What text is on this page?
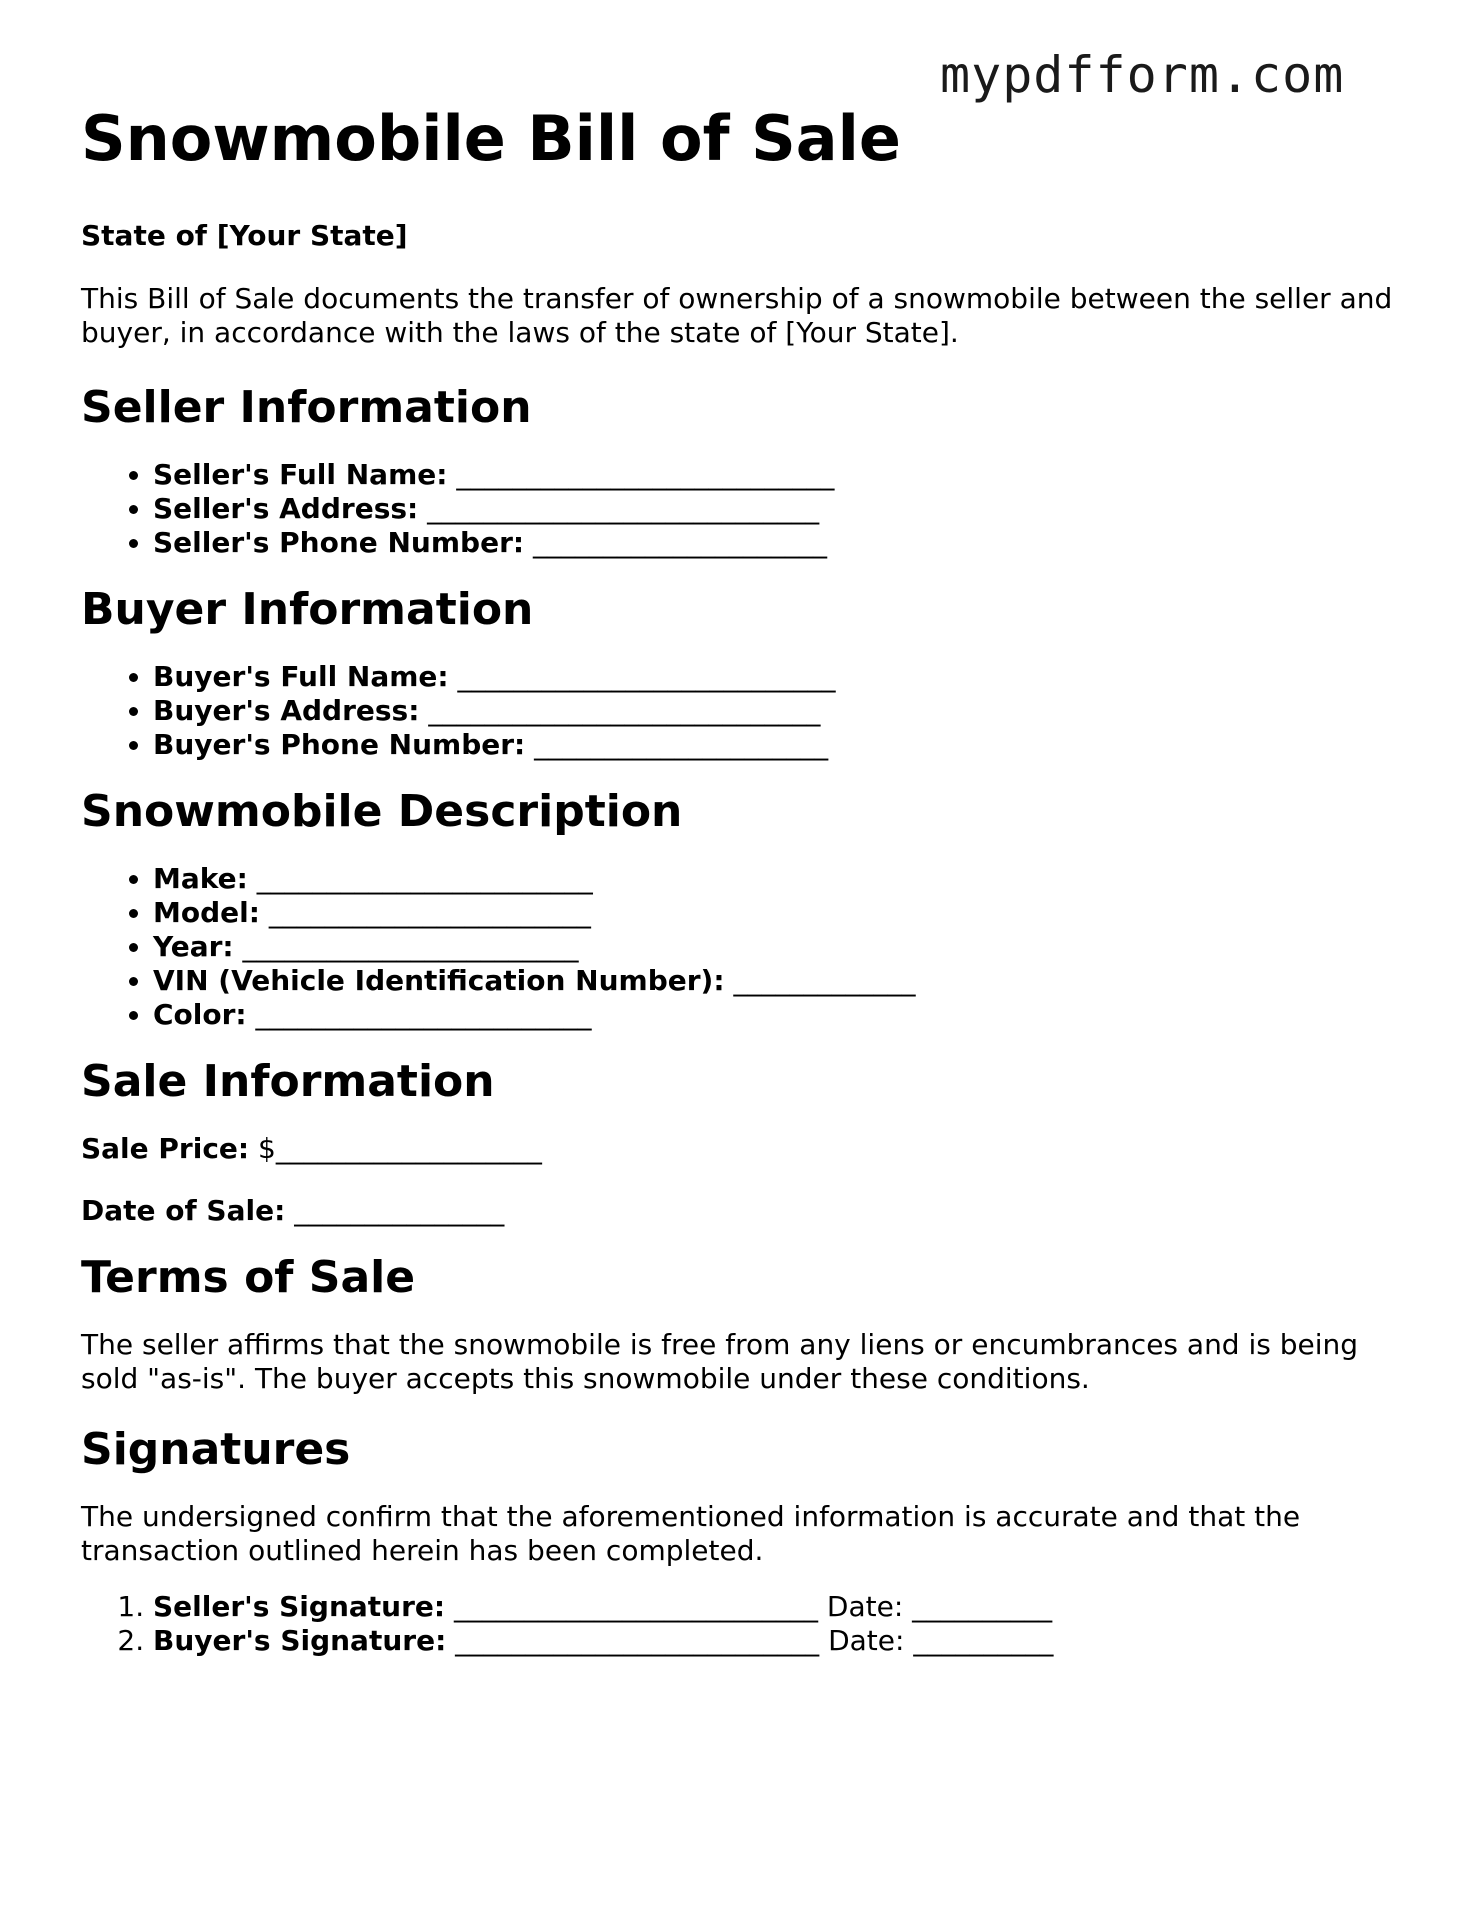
mypdfform.com
Snowmobile Bill of Sale

State of [Your State]

This Bill of Sale documents the transfer of ownership of a snowmobile between the seller and buyer, in accordance with the laws of the state of [Your State].

Seller Information
• Seller's Full Name: ___________________________
• Seller's Address: ____________________________
• Seller's Phone Number: _____________________
Buyer Information
• Buyer's Full Name: ___________________________
• Buyer's Address: ____________________________
• Buyer's Phone Number: _____________________
Snowmobile Description
• Make: ________________________
• Model: _______________________
• Year: ________________________
• VIN (Vehicle Identification Number): _____________
• Color: ________________________
Sale Information

Sale Price: $___________________

Date of Sale: _______________

Terms of Sale

The seller affirms that the snowmobile is free from any liens or encumbrances and is being sold "as-is". The buyer accepts this snowmobile under these conditions.

Signatures

The undersigned confirm that the aforementioned information is accurate and that the transaction outlined herein has been completed.

1. Seller's Signature: __________________________ Date: __________
2. Buyer's Signature: __________________________ Date: __________
